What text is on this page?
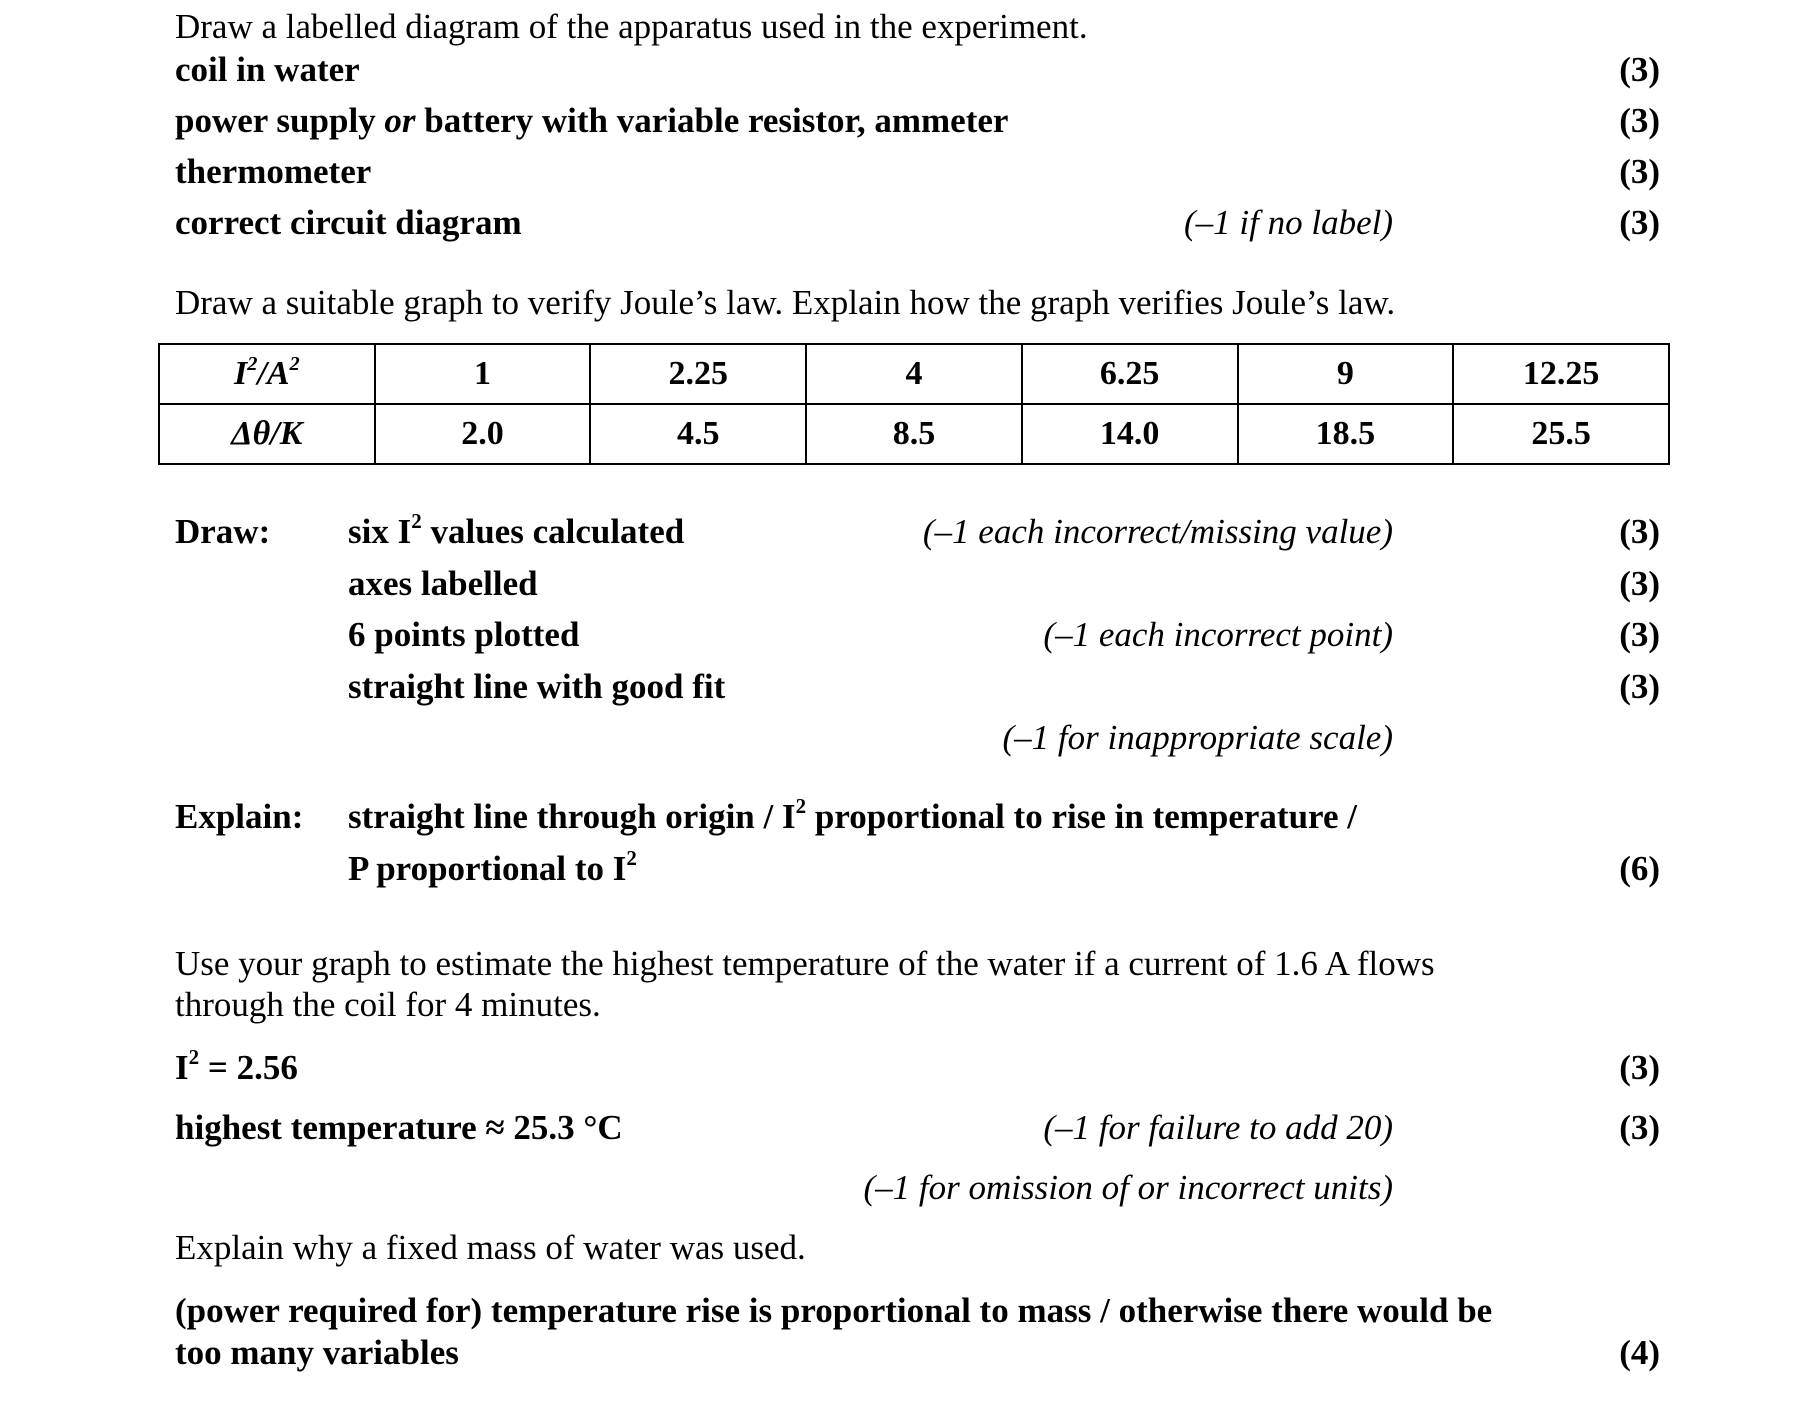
Draw a labelled diagram of the apparatus used in the experiment.
coil in water	(3)
power supply or battery with variable resistor, ammeter	(3)
thermometer	(3)
correct circuit diagram	(–1 if no label)	(3)
Draw a suitable graph to verify Joule’s law. Explain how the graph verifies Joule’s law.
$I^2/A^2$	1	2.25	4	6.25	9	12.25
Δθ/K	2.0	4.5	8.5	14.0	18.5	25.5
Draw: six $I^2$ values calculated	(–1 each incorrect/missing value)	(3)
axes labelled	(3)
6 points plotted	(–1 each incorrect point)	(3)
straight line with good fit	(3)
(–1 for inappropriate scale)
Explain: straight line through origin / $I^2$ proportional to rise in temperature /
P proportional to $I^2$	(6)
Use your graph to estimate the highest temperature of the water if a current of 1.6 A flows
through the coil for 4 minutes.
$I^2 = 2.56$	(3)
highest temperature ≈ 25.3 °C	(–1 for failure to add 20)	(3)
(–1 for omission of or incorrect units)
Explain why a fixed mass of water was used.
(power required for) temperature rise is proportional to mass / otherwise there would be
too many variables	(4)
